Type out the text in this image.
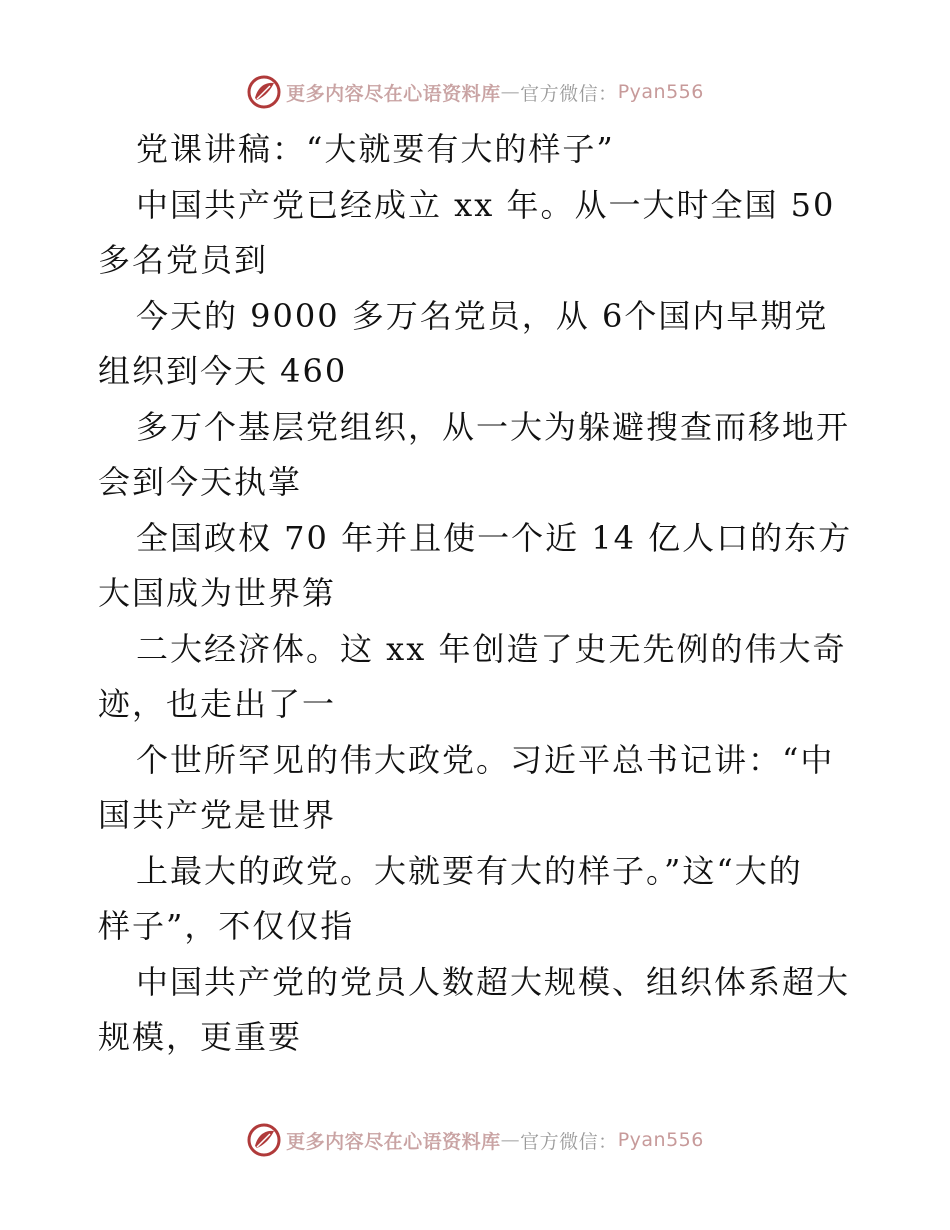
更多内容尽在心语资料库 — 官方微信： Pyan556
党课讲稿：“大就要有大的样子”
中国共产党已经成立 xx 年。从一大时全国 50
多名党员到
今天的 9000 多万名党员，从 6个国内早期党
组织到今天 460
多万个基层党组织，从一大为躲避搜查而移地开
会到今天执掌
全国政权 70 年并且使一个近 14 亿人口的东方
大国成为世界第
二大经济体。这 xx 年创造了史无先例的伟大奇
迹，也走出了一
个世所罕见的伟大政党。习近平总书记讲：“中
国共产党是世界
上最大的政党。大就要有大的样子。”这“大的
样子”，不仅仅指
中国共产党的党员人数超大规模、组织体系超大
规模，更重要
更多内容尽在心语资料库 — 官方微信： Pyan556
